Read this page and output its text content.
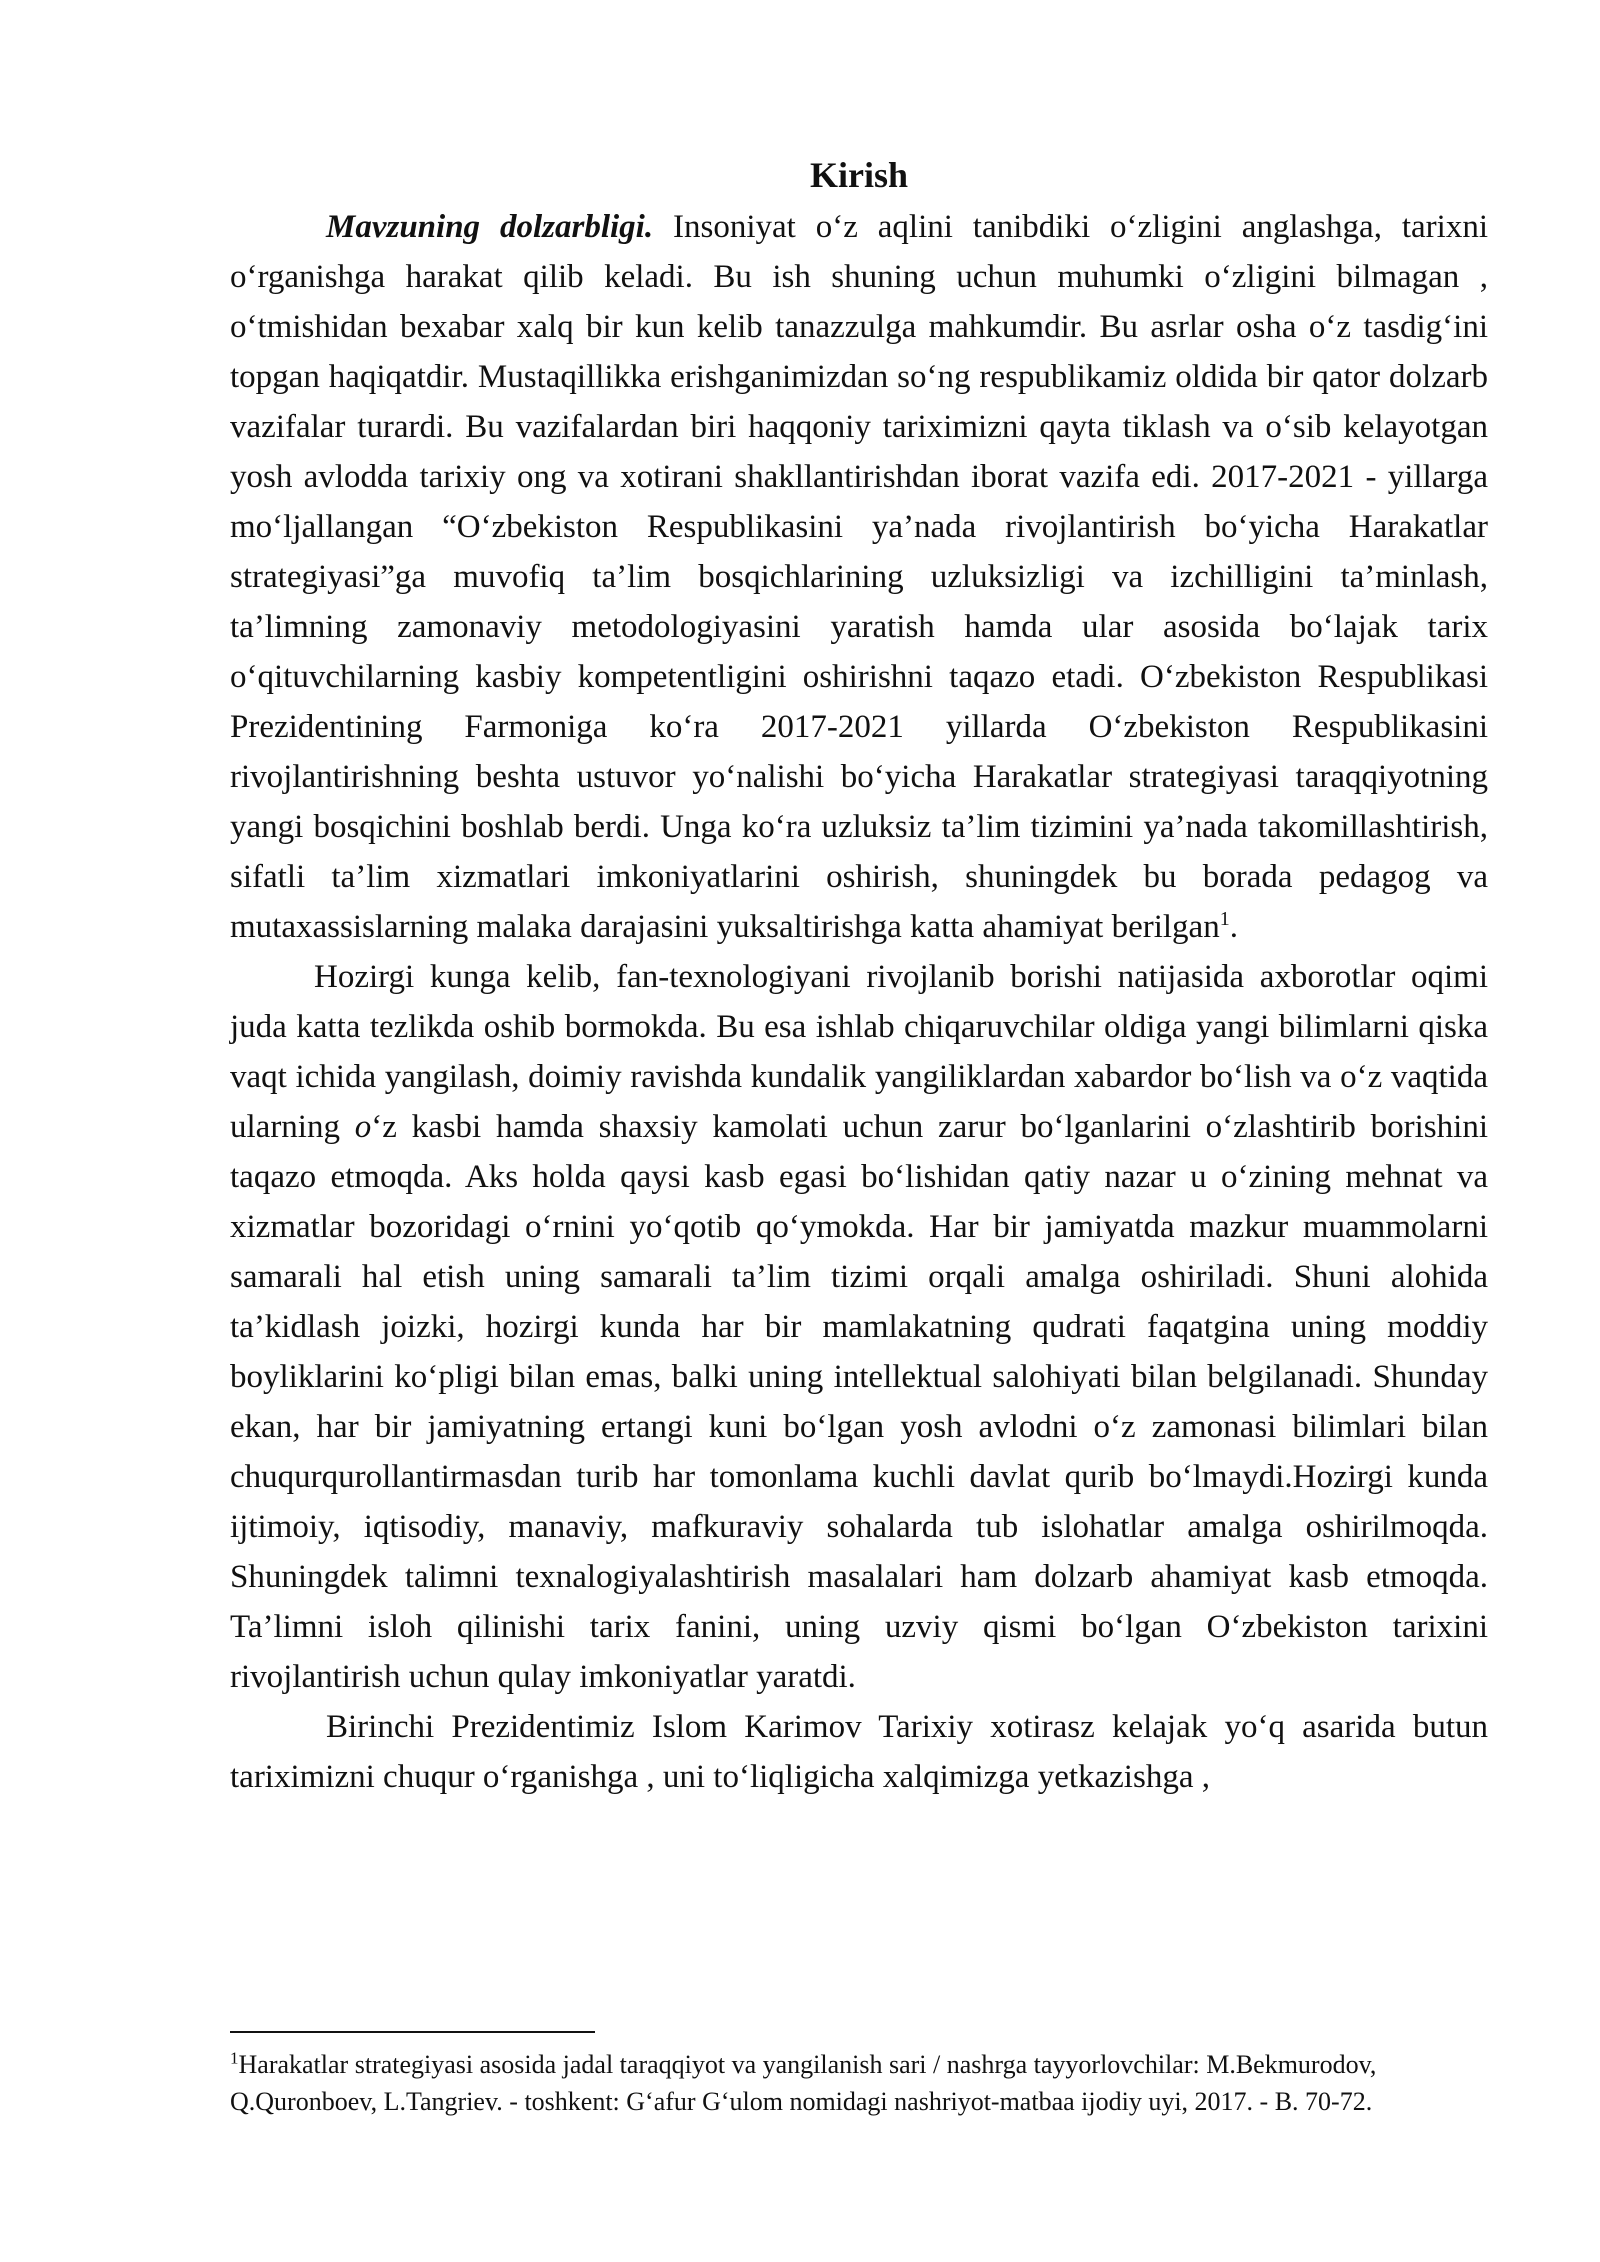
Kirish

Mavzuning dolzarbligi. Insoniyat o‘z aqlini tanibdiki o‘zligini anglashga, tarixni o‘rganishga harakat qilib keladi. Bu ish shuning uchun muhumki o‘zligini bilmagan , o‘tmishidan bexabar xalq bir kun kelib tanazzulga mahkumdir. Bu asrlar osha o‘z tasdig‘ini topgan haqiqatdir. Mustaqillikka erishganimizdan so‘ng respublikamiz oldida bir qator dolzarb vazifalar turardi. Bu vazifalardan biri haqqoniy tariximizni qayta tiklash va o‘sib kelayotgan yosh avlodda tarixiy ong va xotirani shakllantirishdan iborat vazifa edi. 2017-2021 - yillarga mo‘ljallangan “O‘zbekiston Respublikasini ya’nada rivojlantirish bo‘yicha Harakatlar strategiyasi”ga muvofiq ta’lim bosqichlarining uzluksizligi va izchilligini ta’minlash, ta’limning zamonaviy metodologiyasini yaratish hamda ular asosida bo‘lajak tarix o‘qituvchilarning kasbiy kompetentligini oshirishni taqazo etadi. O‘zbekiston Respublikasi Prezidentining Farmoniga ko‘ra 2017-2021 yillarda O‘zbekiston Respublikasini rivojlantirishning beshta ustuvor yo‘nalishi bo‘yicha Harakatlar strategiyasi taraqqiyotning yangi bosqichini boshlab berdi. Unga ko‘ra uzluksiz ta’lim tizimini ya’nada takomillashtirish, sifatli ta’lim xizmatlari imkoniyatlarini oshirish, shuningdek bu borada pedagog va mutaxassislarning malaka darajasini yuksaltirishga katta ahamiyat berilgan$^1$.

Hozirgi kunga kelib, fan-texnologiyani rivojlanib borishi natijasida axborotlar oqimi juda katta tezlikda oshib bormokda. Bu esa ishlab chiqaruvchilar oldiga yangi bilimlarni qiska vaqt ichida yangilash, doimiy ravishda kundalik yangiliklardan xabardor bo‘lish va o‘z vaqtida ularning o‘z kasbi hamda shaxsiy kamolati uchun zarur bo‘lganlarini o‘zlashtirib borishini taqazo etmoqda. Aks holda qaysi kasb egasi bo‘lishidan qatiy nazar u o‘zining mehnat va xizmatlar bozoridagi o‘rnini yo‘qotib qo‘ymokda. Har bir jamiyatda mazkur muammolarni samarali hal etish uning samarali ta’lim tizimi orqali amalga oshiriladi. Shuni alohida ta’kidlash joizki, hozirgi kunda har bir mamlakatning qudrati faqatgina uning moddiy boyliklarini ko‘pligi bilan emas, balki uning intellektual salohiyati bilan belgilanadi. Shunday ekan, har bir jamiyatning ertangi kuni bo‘lgan yosh avlodni o‘z zamonasi bilimlari bilan chuqurqurollantirmasdan turib har tomonlama kuchli davlat qurib bo‘lmaydi.Hozirgi kunda ijtimoiy, iqtisodiy, manaviy, mafkuraviy sohalarda tub islohatlar amalga oshirilmoqda. Shuningdek talimni texnalogiyalashtirish masalalari ham dolzarb ahamiyat kasb etmoqda. Ta’limni isloh qilinishi tarix fanini, uning uzviy qismi bo‘lgan O‘zbekiston tarixini rivojlantirish uchun qulay imkoniyatlar yaratdi.

Birinchi Prezidentimiz Islom Karimov Tarixiy xotirasz kelajak yo‘q asarida butun tariximizni chuqur o‘rganishga , uni to‘liqligicha xalqimizga yetkazishga ,

$^1$Harakatlar strategiyasi asosida jadal taraqqiyot va yangilanish sari / nashrga tayyorlovchilar: M.Bekmurodov, Q.Quronboev, L.Tangriev. - toshkent: G‘afur G‘ulom nomidagi nashriyot-matbaa ijodiy uyi, 2017. - B. 70-72.
